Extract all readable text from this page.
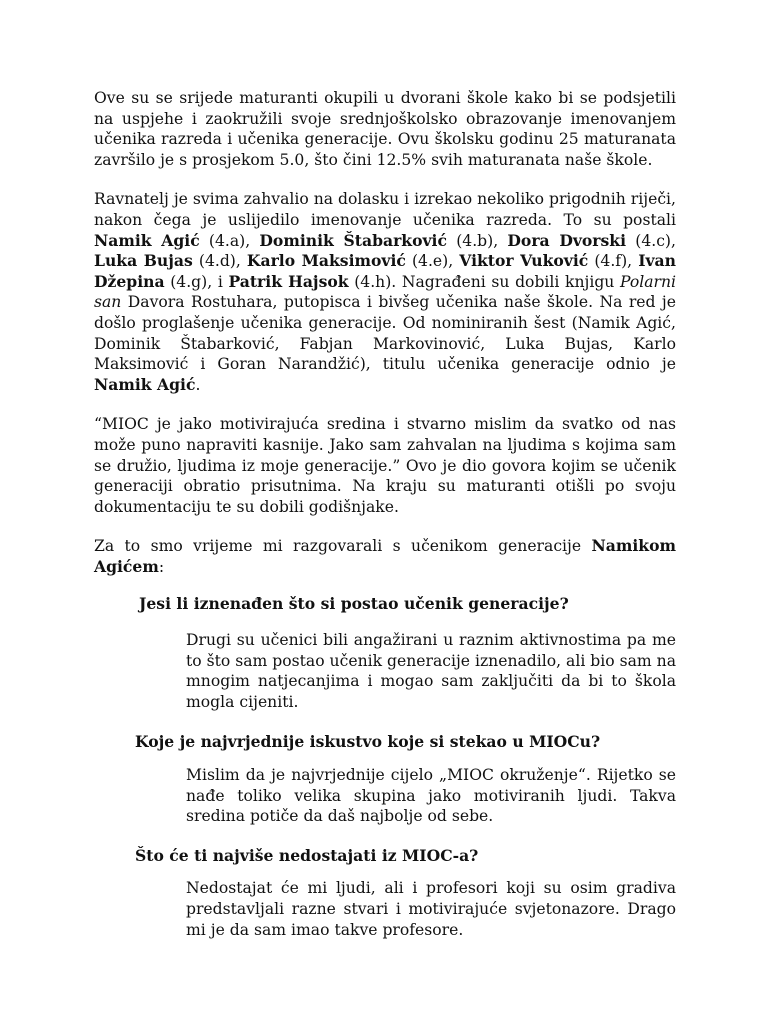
Ove su se srijede maturanti okupili u dvorani škole kako bi se podsjetili na uspjehe i zaokružili svoje srednjoškolsko obrazovanje imenovanjem učenika razreda i učenika generacije. Ovu školsku godinu 25 maturanata završilo je s prosjekom 5.0, što čini 12.5% svih maturanata naše škole.

Ravnatelj je svima zahvalio na dolasku i izrekao nekoliko prigodnih riječi, nakon čega je uslijedilo imenovanje učenika razreda. To su postali Namik Agić (4.a), Dominik Štabarković (4.b), Dora Dvorski (4.c), Luka Bujas (4.d), Karlo Maksimović (4.e), Viktor Vuković (4.f), Ivan Džepina (4.g), i Patrik Hajsok (4.h). Nagrađeni su dobili knjigu Polarni san Davora Rostuhara, putopisca i bivšeg učenika naše škole. Na red je došlo proglašenje učenika generacije. Od nominiranih šest (Namik Agić, Dominik Štabarković, Fabjan Markovinović, Luka Bujas, Karlo Maksimović i Goran Narandžić), titulu učenika generacije odnio je Namik Agić.

“MIOC je jako motivirajuća sredina i stvarno mislim da svatko od nas može puno napraviti kasnije. Jako sam zahvalan na ljudima s kojima sam se družio, ljudima iz moje generacije.” Ovo je dio govora kojim se učenik generaciji obratio prisutnima. Na kraju su maturanti otišli po svoju dokumentaciju te su dobili godišnjake.

Za to smo vrijeme mi razgovarali s učenikom generacije Namikom Agićem:

Jesi li iznenađen što si postao učenik generacije?

Drugi su učenici bili angažirani u raznim aktivnostima pa me to što sam postao učenik generacije iznenadilo, ali bio sam na mnogim natjecanjima i mogao sam zaključiti da bi to škola mogla cijeniti.

Koje je najvrjednije iskustvo koje si stekao u MIOCu?

Mislim da je najvrjednije cijelo „MIOC okruženje“. Rijetko se nađe toliko velika skupina jako motiviranih ljudi. Takva sredina potiče da daš najbolje od sebe.

Što će ti najviše nedostajati iz MIOC-a?

Nedostajat će mi ljudi, ali i profesori koji su osim gradiva predstavljali razne stvari i motivirajuće svjetonazore. Drago mi je da sam imao takve profesore.
